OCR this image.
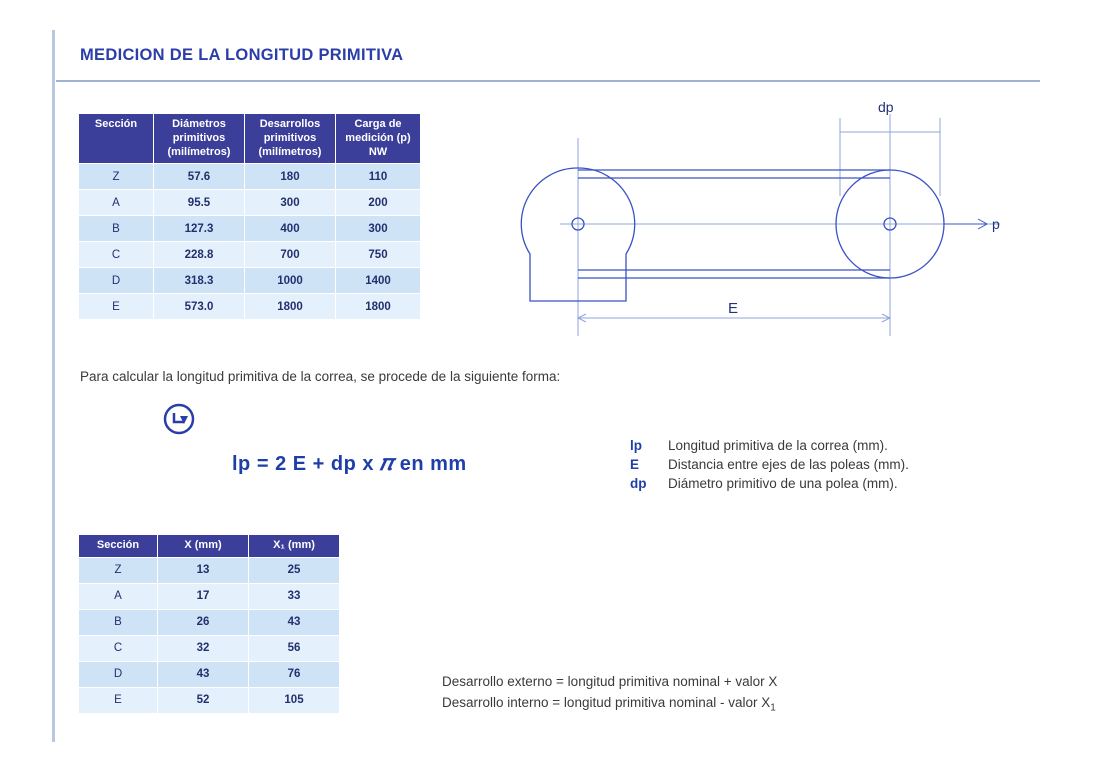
MEDICION DE LA LONGITUD PRIMITIVA
Sección	Diámetros primitivos (milímetros)	Desarrollos primitivos (milímetros)	Carga de medición (p) NW
Z	57.6	180	110
A	95.5	300	200
B	127.3	400	300
C	228.8	700	750
D	318.3	1000	1400
E	573.0	1800	1800
dp
p
E
Para calcular la longitud primitiva de la correa, se procede de la siguiente forma:
lp = 2 E + dp x 𝜋 en mm
lp	Longitud primitiva de la correa (mm).
E	Distancia entre ejes de las poleas (mm).
dp	Diámetro primitivo de una polea (mm).
Sección	X (mm)	X₁ (mm)
Z	13	25
A	17	33
B	26	43
C	32	56
D	43	76
E	52	105
Desarrollo externo = longitud primitiva nominal + valor X
Desarrollo interno = longitud primitiva nominal - valor $X_1$
